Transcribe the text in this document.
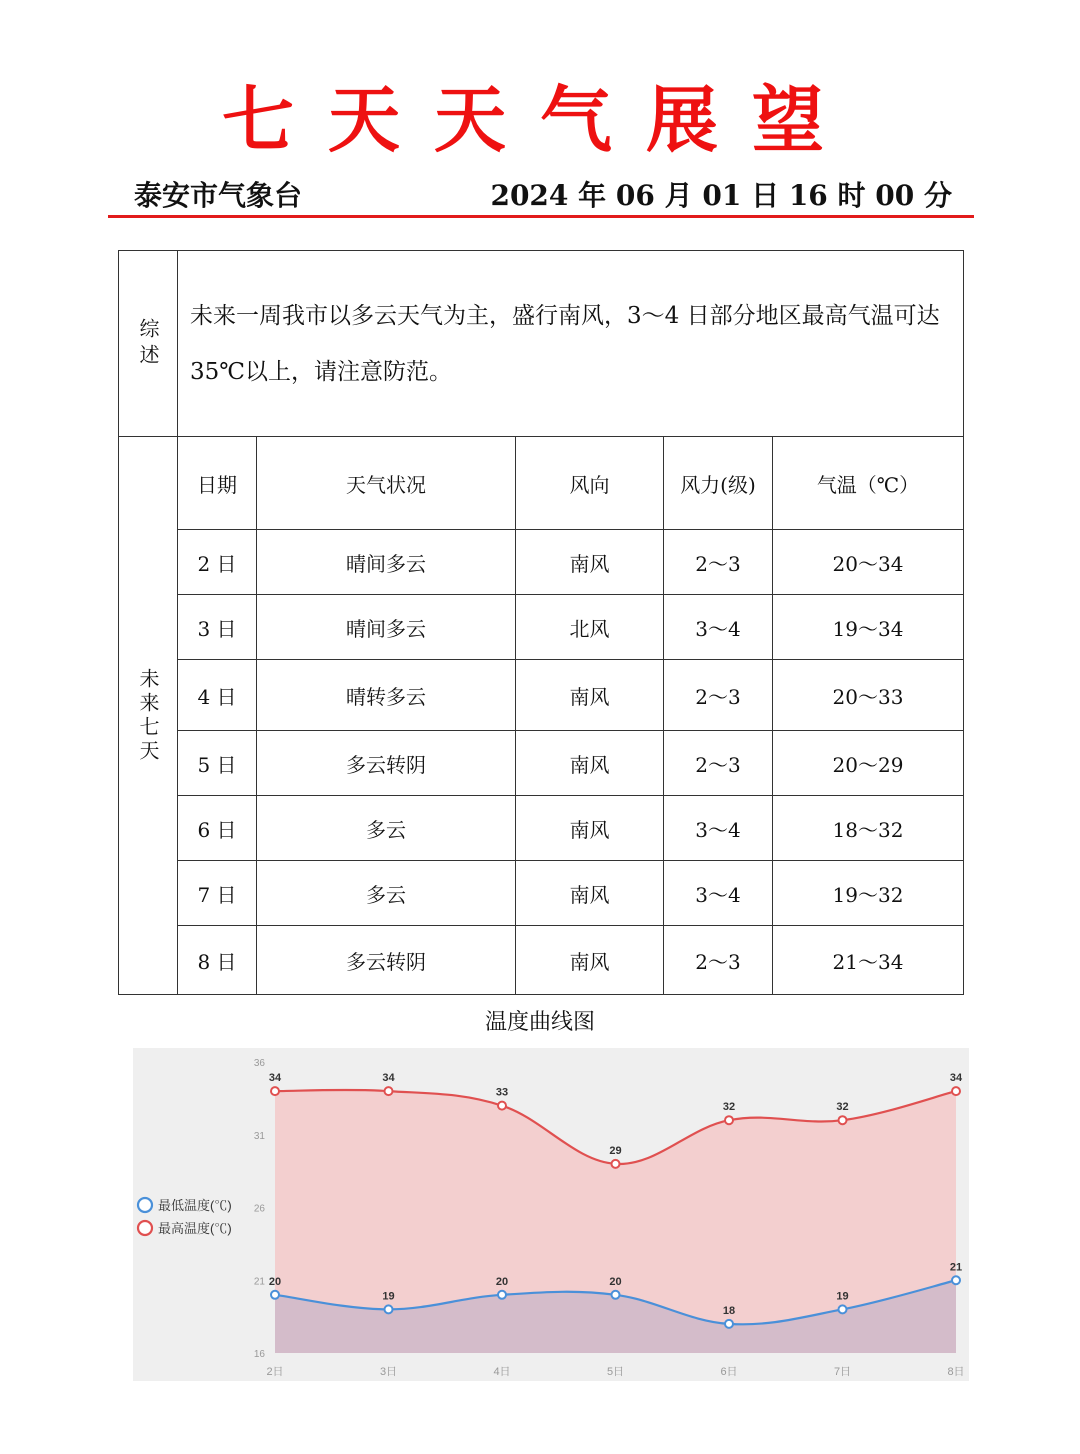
七天天气展望
泰安市气象台	2024 年 06 月 01 日 16 时 00 分
综述	未来一周我市以多云天气为主，盛行南风，3～4 日部分地区最高气温可达 35℃以上，请注意防范。				

未来七天	日期	天气状况	风向	风力(级)	气温（℃）
	2 日	晴间多云	南风	2～3	20～34
	3 日	晴间多云	北风	3～4	19～34
	4 日	晴转多云	南风	2～3	20～33
	5 日	多云转阴	南风	2～3	20～29
	6 日	多云	南风	3～4	18～32
	7 日	多云	南风	3～4	19～32
	8 日	多云转阴	南风	2～3	21～34
温度曲线图
16
21
26
31
36
2日	3日	4日	5日	6日	7日	8日
34	34
33
29
32	32
34
20
19
20	20
18
19
21
最低温度(℃)
最高温度(℃)
